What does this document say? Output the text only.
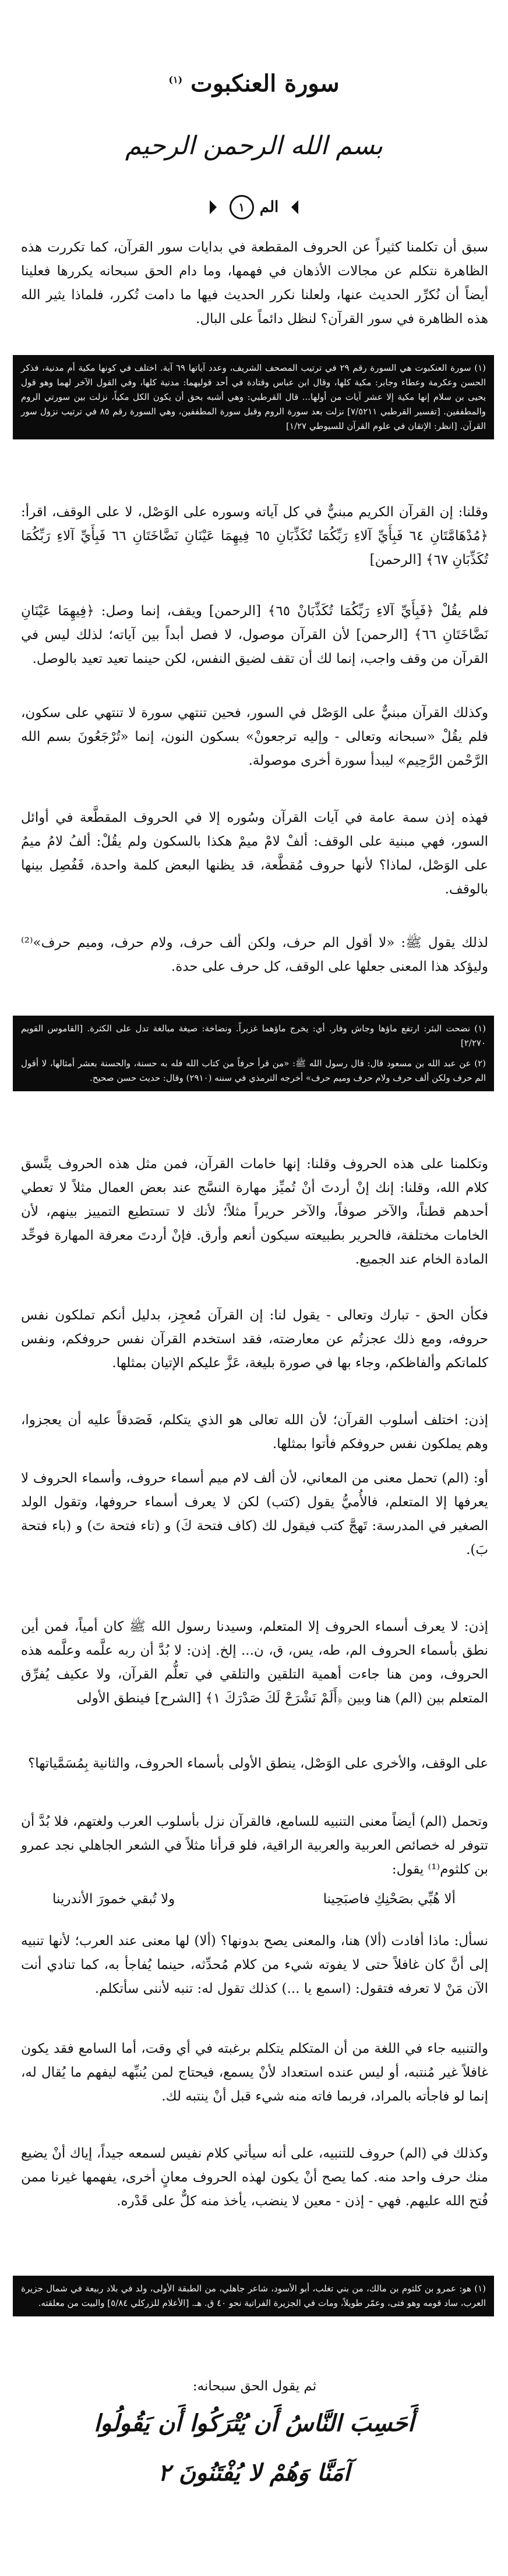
سورة العنكبوت $^{(١)}$
بسم الله الرحمن الرحيم
الم
١
سبق أن تكلمنا كثيراً عن الحروف المقطعة في بدايات سور القرآن، كما تكررت هذه الظاهرة نتكلم عن مجالات الأذهان في فهمها، وما دام الحق سبحانه يكررها فعلينا أيضاً أن نُكرِّر الحديث عنها، ولعلنا نكرر الحديث فيها ما دامت تُكرر، فلماذا يثير الله هذه الظاهرة في سور القرآن؟ لنظل دائماً على البال.
(١) سورة العنكبوت هي السورة رقم ٢٩ في ترتيب المصحف الشريف، وعدد آياتها ٦٩ آية. اختلف في كونها مكية أم مدنية، فذكر الحسن وعكرمة وعطاء وجابر: مكية كلها، وقال ابن عباس وقتادة في أحد قوليهما: مدنية كلها، وفي القول الآخر لهما وهو قول يحيى بن سلام إنها مكية إلا عشر آيات من أولها... قال القرطبي: وهي أشبه بحق أن يكون الكل مكياً، نزلت بين سورتي الروم والمطففين. [تفسير القرطبي ٧/٥٢١١] نزلت بعد سورة الروم وقبل سورة المطففين، وهي السورة رقم ٨٥ في ترتيب نزول سور القرآن. [انظر: الإتقان في علوم القرآن للسيوطي ١/٢٧]
وقلنا: إن القرآن الكريم مبنيٌّ في كل آياته وسوره على الوَصْل، لا على الوقف، اقرأ: ﴿مُدْهَامَّتَانِ ٦٤ فَبِأَيِّ آلاءِ رَبِّكُمَا تُكَذِّبَانِ ٦٥ فِيهِمَا عَيْنَانِ نَضَّاخَتَانِ ٦٦ فَبِأَيِّ آلاءِ رَبِّكُمَا تُكَذِّبَانِ ٦٧﴾ [الرحمن]
فلم يقُلْ ﴿فَبِأَيِّ آلاءِ رَبِّكُمَا تُكَذِّبَانْ ٦٥﴾ [الرحمن] ويقف، إنما وصل: ﴿فِيهِمَا عَيْنَانِ نَضَّاخَتَانِ ٦٦﴾ [الرحمن] لأن القرآن موصول، لا فصل أبداً بين آياته؛ لذلك ليس في القرآن من وقف واجب، إنما لك أن تقف لضيق النفس، لكن حينما تعيد تعيد بالوصل.
وكذلك القرآن مبنيٌّ على الوَصْل في السور، فحين تنتهي سورة لا تنتهي على سكون، فلم يقُلْ «سبحانه وتعالى - وإليه ترجعونْ» بسكون النون، إنما «تُرْجَعُونَ بسم الله الرَّحْمن الرَّحِيم» ليبدأ سورة أخرى موصولة.
فهذه إذن سمة عامة في آيات القرآن وسُوره إلا في الحروف المقطَّعة في أوائل السور، فهي مبنية على الوقف: ألفْ لامْ ميمْ هكذا بالسكون ولم يقُلْ: ألفُ لامُ ميمُ على الوَصْل، لماذا؟ لأنها حروف مُقطَّعة، قد يظنها البعض كلمة واحدة، فَفُصِل بينها بالوقف.
لذلك يقول ﷺ: «لا أقول الم حرف، ولكن ألف حرف، ولام حرف، وميم حرف»⁽²⁾ وليؤكد هذا المعنى جعلها على الوقف، كل حرف على حدة.
(١) نضحت البئر: ارتفع ماؤها وجاش وفار. أي: يخرج ماؤهما غزيراً. ونضاخة: صيغة مبالغة تدل على الكثرة. [القاموس القويم ٢/٢٧٠]
(٢) عن عبد الله بن مسعود قال: قال رسول الله ﷺ: «من قرأ حرفاً من كتاب الله فله به حسنة، والحسنة بعشر أمثالها، لا أقول الم حرف ولكن ألف حرف ولام حرف وميم حرف» أخرجه الترمذي في سننه (٢٩١٠) وقال: حديث حسن صحيح.
وتكلمنا على هذه الحروف وقلنا: إنها خامات القرآن، فمن مثل هذه الحروف يتَّسق كلام الله، وقلنا: إنك إنْ أردتَ أنْ تُميِّز مهارة النسَّج عند بعض العمال مثلاً لا تعطي أحدهم قطناً، والآخر صوفاً، والآخر حريراً مثلاً؛ لأنك لا تستطيع التمييز بينهم، لأن الخامات مختلفة، فالحرير بطبيعته سيكون أنعم وأرق. فإنْ أردتَ معرفة المهارة فوحِّد المادة الخام عند الجميع.
فكأن الحق - تبارك وتعالى - يقول لنا: إن القرآن مُعجِز، بدليل أنكم تملكون نفس حروفه، ومع ذلك عجزتُم عن معارضته، فقد استخدم القرآن نفس حروفكم، ونفس كلماتكم وألفاظكم، وجاء بها في صورة بليغة، عَزَّ عليكم الإتيان بمثلها.
إذن: اختلف أسلوب القرآن؛ لأن الله تعالى هو الذي يتكلم، فَصَدقاً عليه أن يعجزوا، وهم يملكون نفس حروفكم فأتوا بمثلها.
أو: (الم) تحمل معنى من المعاني، لأن ألف لام ميم أسماء حروف، وأسماء الحروف لا يعرفها إلا المتعلم، فالأُميُّ يقول (كتب) لكن لا يعرف أسماء حروفها، وتقول الولد الصغير في المدرسة: تَهجَّ كتب فيقول لك (كاف فتحة كَ) و (تاء فتحة تَ) و (باء فتحة بَ).
إذن: لا يعرف أسماء الحروف إلا المتعلم، وسيدنا رسول الله ﷺ كان أمياً، فمن أين نطق بأسماء الحروف الم، طه، يس، ق، ن... إلخ. إذن: لا بُدَّ أن ربه علَّمه وعلَّمه هذه الحروف، ومن هنا جاءت أهمية التلقين والتلقي في تعلُّم القرآن، ولا عكيف يُفرِّق المتعلم بين (الم) هنا وبين ﴿أَلَمْ نَشْرَحْ لَكَ صَدْرَكَ ١﴾ [الشرح] فينطق الأولى
على الوقف، والأخرى على الوَصْل، ينطق الأولى بأسماء الحروف، والثانية بِمُسَمَّياتها؟
وتحمل (الم) أيضاً معنى التنبيه للسامع، فالقرآن نزل بأسلوب العرب ولغتهم، فلا بُدَّ أن تتوفر له خصائص العربية والعربية الراقية، فلو قرأنا مثلاً في الشعر الجاهلي نجد عمرو بن كلثوم⁽¹⁾ يقول:
ألا هُبِّي بصَحْنِكِ فاصبَحِينا
ولا تُبقي خمورَ الأندرينا
نسأل: ماذا أفادت (ألا) هنا، والمعنى يصح بدونها؟ (ألا) لها معنى عند العرب؛ لأنها تنبيه إلى أنَّ كان غافلاً حتى لا يفوته شيء من كلام مُحدِّثه، حينما يُفاجأ به، كما تنادي أنت الآن مَنْ لا تعرفه فتقول: (اسمع يا ...) كذلك تقول له: تنبه لأننى سأتكلم.
والتنبيه جاء في اللغة من أن المتكلم يتكلم برغبته في أي وقت، أما السامع فقد يكون غافلاً غير مُنتبه، أو ليس عنده استعداد لأنْ يسمع، فيحتاج لمن يُنبِّهه ليفهم ما يُقال له، إنما لو فاجأته بالمراد، فربما فاته منه شيء قبل أنْ ينتبه لك.
وكذلك في (الم) حروف للتنبيه، على أنه سيأتي كلام نفيس لسمعه جيداً، إياك أنْ يضيع منك حرف واحد منه. كما يصح أنْ يكون لهذه الحروف معانٍ أخرى، يفهمها غيرنا ممن فُتح الله عليهم. فهي - إذن - معين لا ينضب، يأخذ منه كلٌّ على قَدْره.
(١) هو: عمرو بن كلثوم بن مالك، من بني تغلب، أبو الأسود، شاعر جاهلي، من الطبقة الأولى، ولد في بلاد ربيعة في شمال جزيرة العرب، ساد قومه وهو فتى، وعمّر طويلاً، ومات في الجزيرة الفراتية نحو ٤٠ ق. هـ. [الأعلام للزركلي ٥/٨٤] والبيت من معلقته.
ثم يقول الحق سبحانه:
أَحَسِبَ النَّاسُ أَن يُتْرَكُوا أَن يَقُولُوا
آمَنَّا وَهُمْ لا يُفْتَنُونَ ٢
